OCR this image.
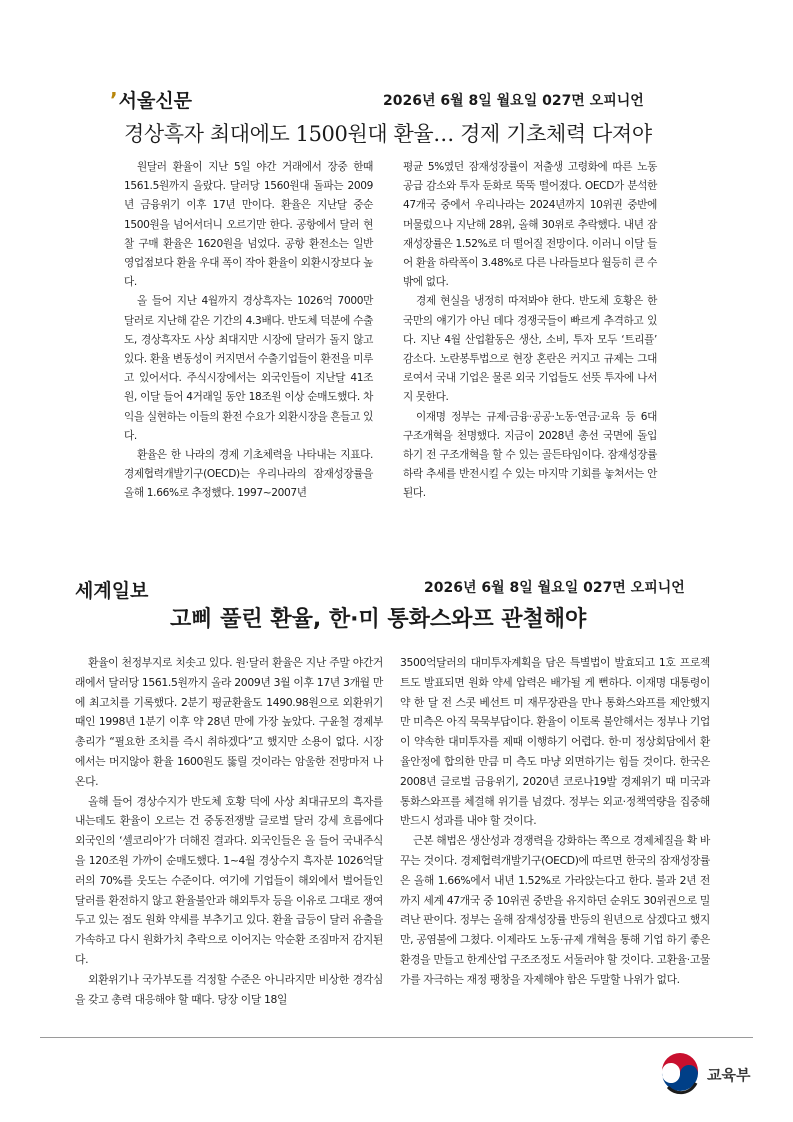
’서울신문	2026년 6월 8일 월요일 027면 오피니언
경상흑자 최대에도 1500원대 환율… 경제 기초체력 다져야

원달러 환율이 지난 5일 야간 거래에서 장중 한때 1561.5원까지 올랐다. 달러당 1560원대 돌파는 2009년 금융위기 이후 17년 만이다. 환율은 지난달 중순 1500원을 넘어서더니 오르기만 한다. 공항에서 달러 현찰 구매 환율은 1620원을 넘었다. 공항 환전소는 일반 영업점보다 환율 우대 폭이 작아 환율이 외환시장보다 높다.

올 들어 지난 4월까지 경상흑자는 1026억 7000만 달러로 지난해 같은 기간의 4.3배다. 반도체 덕분에 수출도, 경상흑자도 사상 최대지만 시장에 달러가 돌지 않고 있다. 환율 변동성이 커지면서 수출기업들이 환전을 미루고 있어서다. 주식시장에서는 외국인들이 지난달 41조원, 이달 들어 4거래일 동안 18조원 이상 순매도했다. 차익을 실현하는 이들의 환전 수요가 외환시장을 흔들고 있다.

환율은 한 나라의 경제 기초체력을 나타내는 지표다. 경제협력개발기구(OECD)는 우리나라의 잠재성장률을 올해 1.66%로 추정했다. 1997~2007년

평균 5%였던 잠재성장률이 저출생 고령화에 따른 노동 공급 감소와 투자 둔화로 뚝뚝 떨어졌다. OECD가 분석한 47개국 중에서 우리나라는 2024년까지 10위권 중반에 머물렀으나 지난해 28위, 올해 30위로 추락했다. 내년 잠재성장률은 1.52%로 더 떨어질 전망이다. 이러니 이달 들어 환율 하락폭이 3.48%로 다른 나라들보다 월등히 큰 수밖에 없다.

경제 현실을 냉정히 따져봐야 한다. 반도체 호황은 한국만의 얘기가 아닌 데다 경쟁국들이 빠르게 추격하고 있다. 지난 4월 산업활동은 생산, 소비, 투자 모두 ‘트리플’ 감소다. 노란봉투법으로 현장 혼란은 커지고 규제는 그대로여서 국내 기업은 물론 외국 기업들도 선뜻 투자에 나서지 못한다.

이재명 정부는 규제·금융·공공·노동·연금·교육 등 6대 구조개혁을 천명했다. 지금이 2028년 총선 국면에 돌입하기 전 구조개혁을 할 수 있는 골든타임이다. 잠재성장률 하락 추세를 반전시킬 수 있는 마지막 기회를 놓쳐서는 안 된다.

세계일보	2026년 6월 8일 월요일 027면 오피니언
고삐 풀린 환율, 한·미 통화스와프 관철해야

환율이 천정부지로 치솟고 있다. 원·달러 환율은 지난 주말 야간거래에서 달러당 1561.5원까지 올라 2009년 3월 이후 17년 3개월 만에 최고치를 기록했다. 2분기 평균환율도 1490.98원으로 외환위기 때인 1998년 1분기 이후 약 28년 만에 가장 높았다. 구윤철 경제부총리가 “필요한 조치를 즉시 취하겠다”고 했지만 소용이 없다. 시장에서는 머지않아 환율 1600원도 뚫릴 것이라는 암울한 전망마저 나온다.

올해 들어 경상수지가 반도체 호황 덕에 사상 최대규모의 흑자를 내는데도 환율이 오르는 건 중동전쟁발 글로벌 달러 강세 흐름에다 외국인의 ‘셀코리아’가 더해진 결과다. 외국인들은 올 들어 국내주식을 120조원 가까이 순매도했다. 1~4월 경상수지 흑자분 1026억달러의 70%를 웃도는 수준이다. 여기에 기업들이 해외에서 벌어들인 달러를 환전하지 않고 환율불안과 해외투자 등을 이유로 그대로 쟁여두고 있는 점도 원화 약세를 부추기고 있다. 환율 급등이 달러 유출을 가속하고 다시 원화가치 추락으로 이어지는 악순환 조짐마저 감지된다.

외환위기나 국가부도를 걱정할 수준은 아니라지만 비상한 경각심을 갖고 총력 대응해야 할 때다. 당장 이달 18일

3500억달러의 대미투자계획을 담은 특별법이 발효되고 1호 프로젝트도 발표되면 원화 약세 압력은 배가될 게 뻔하다. 이재명 대통령이 약 한 달 전 스콧 베선트 미 재무장관을 만나 통화스와프를 제안했지만 미측은 아직 묵묵부답이다. 환율이 이토록 불안해서는 정부나 기업이 약속한 대미투자를 제때 이행하기 어렵다. 한·미 정상회담에서 환율안정에 합의한 만큼 미 측도 마냥 외면하기는 힘들 것이다. 한국은 2008년 글로벌 금융위기, 2020년 코로나19발 경제위기 때 미국과 통화스와프를 체결해 위기를 넘겼다. 정부는 외교·정책역량을 집중해 반드시 성과를 내야 할 것이다.

근본 해법은 생산성과 경쟁력을 강화하는 쪽으로 경제체질을 확 바꾸는 것이다. 경제협력개발기구(OECD)에 따르면 한국의 잠재성장률은 올해 1.66%에서 내년 1.52%로 가라앉는다고 한다. 불과 2년 전까지 세계 47개국 중 10위권 중반을 유지하던 순위도 30위권으로 밀려난 판이다. 정부는 올해 잠재성장률 반등의 원년으로 삼겠다고 했지만, 공염불에 그쳤다. 이제라도 노동·규제 개혁을 통해 기업 하기 좋은 환경을 만들고 한계산업 구조조정도 서둘러야 할 것이다. 고환율·고물가를 자극하는 재정 팽창을 자제해야 함은 두말할 나위가 없다.

교육부
